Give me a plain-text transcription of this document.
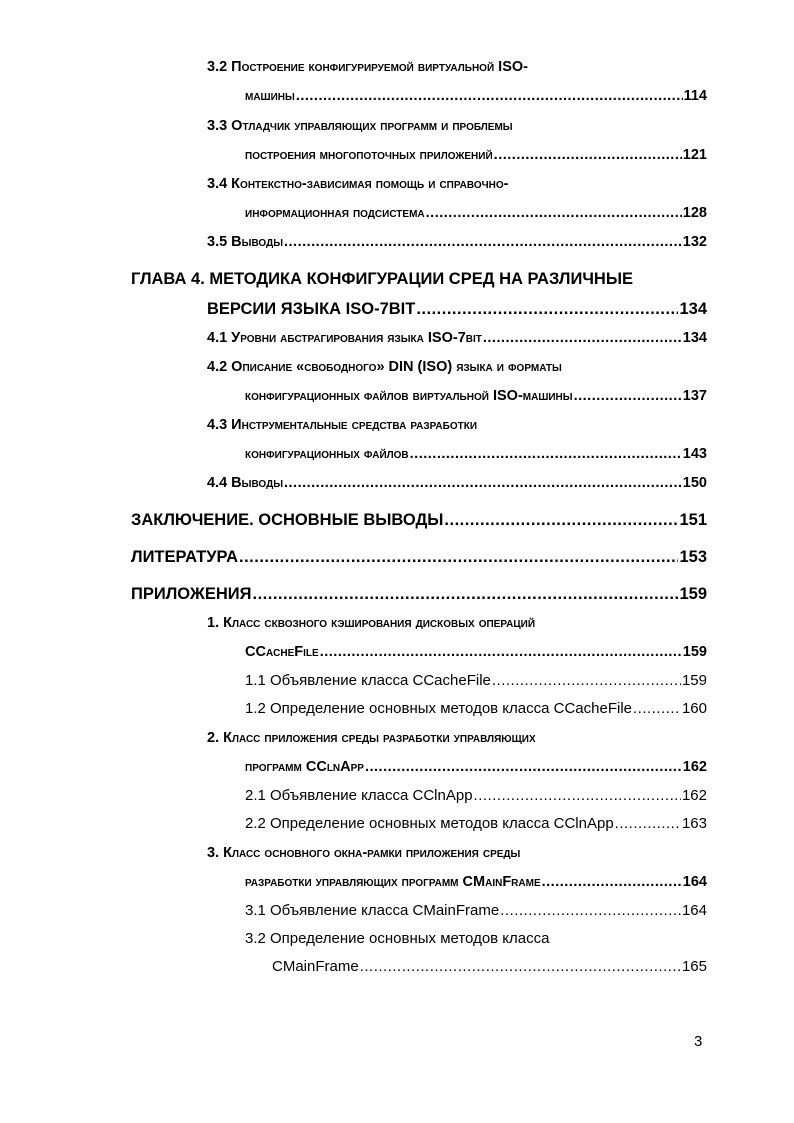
3.2 Построение конфигурируемой виртуальной ISO-
машины .....	114
3.3 Отладчик управляющих программ и проблемы
построения многопоточных приложений .....	121
3.4 Контекстно-зависимая помощь и справочно-
информационная подсистема .....	128
3.5 Выводы .....	132
ГЛАВА 4. МЕТОДИКА КОНФИГУРАЦИИ СРЕД НА РАЗЛИЧНЫЕ
ВЕРСИИ ЯЗЫКА ISO-7BIT .....	134
4.1 Уровни абстрагирования языка ISO-7bit .....	134
4.2 Описание «свободного» DIN (ISO) языка и форматы
конфигурационных файлов виртуальной ISO-машины .....	137
4.3 Инструментальные средства разработки
конфигурационных файлов .....	143
4.4 Выводы .....	150
ЗАКЛЮЧЕНИЕ. ОСНОВНЫЕ ВЫВОДЫ .....	151
ЛИТЕРАТУРА .....	153
ПРИЛОЖЕНИЯ .....	159
1. Класс сквозного кэширования дисковых операций
CCacheFile .....	159
1.1 Объявление класса CCacheFile .....	159
1.2 Определение основных методов класса CCacheFile .....	160
2. Класс приложения среды разработки управляющих
программ CClnApp .....	162
2.1 Объявление класса CClnApp .....	162
2.2 Определение основных методов класса CClnApp .....	163
3. Класс основного окна-рамки приложения среды
разработки управляющих программ CMainFrame .....	164
3.1 Объявление класса CMainFrame .....	164
3.2 Определение основных методов класса
CMainFrame .....	165
3
